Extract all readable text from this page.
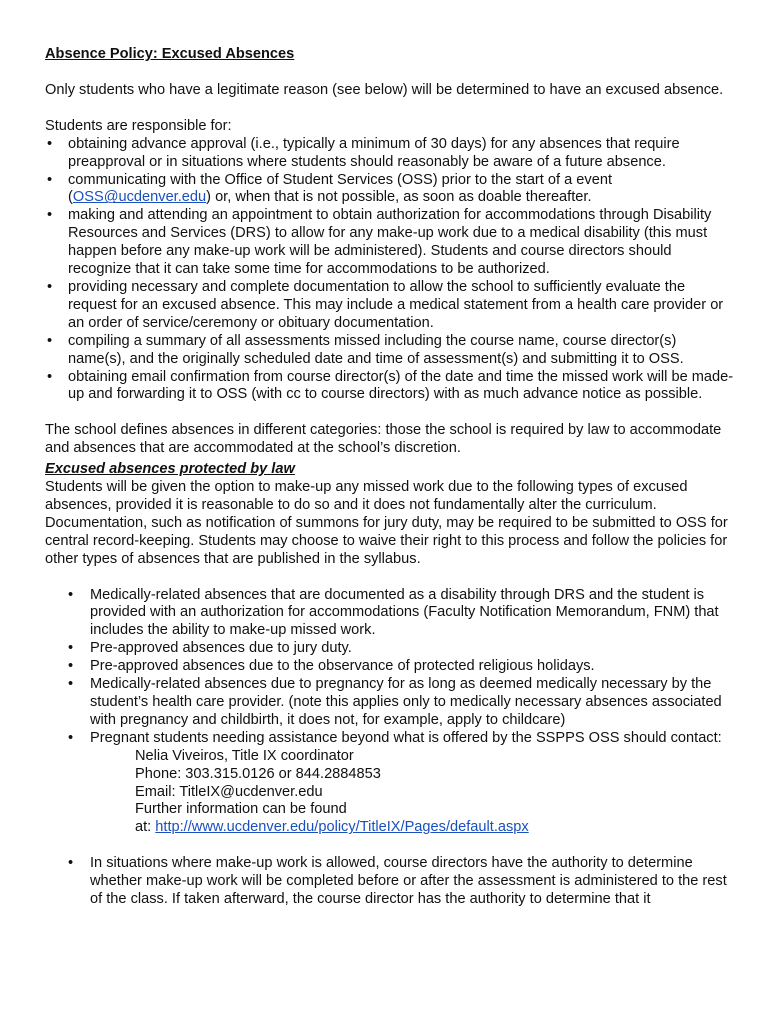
Absence Policy: Excused Absences

Only students who have a legitimate reason (see below) will be determined to have an excused absence.

Students are responsible for:

• obtaining advance approval (i.e., typically a minimum of 30 days) for any absences that require preapproval or in situations where students should reasonably be aware of a future absence.
• communicating with the Office of Student Services (OSS) prior to the start of a event (OSS@ucdenver.edu) or, when that is not possible, as soon as doable thereafter.
• making and attending an appointment to obtain authorization for accommodations through Disability Resources and Services (DRS) to allow for any make-up work due to a medical disability (this must happen before any make-up work will be administered). Students and course directors should recognize that it can take some time for accommodations to be authorized.
• providing necessary and complete documentation to allow the school to sufficiently evaluate the request for an excused absence. This may include a medical statement from a health care provider or an order of service/ceremony or obituary documentation.
• compiling a summary of all assessments missed including the course name, course director(s) name(s), and the originally scheduled date and time of assessment(s) and submitting it to OSS.
• obtaining email confirmation from course director(s) of the date and time the missed work will be made-up and forwarding it to OSS (with cc to course directors) with as much advance notice as possible.

The school defines absences in different categories: those the school is required by law to accommodate and absences that are accommodated at the school’s discretion.

Excused absences protected by law

Students will be given the option to make-up any missed work due to the following types of excused absences, provided it is reasonable to do so and it does not fundamentally alter the curriculum. Documentation, such as notification of summons for jury duty, may be required to be submitted to OSS for central record-keeping. Students may choose to waive their right to this process and follow the policies for other types of absences that are published in the syllabus.

• Medically-related absences that are documented as a disability through DRS and the student is provided with an authorization for accommodations (Faculty Notification Memorandum, FNM) that includes the ability to make-up missed work.
• Pre-approved absences due to jury duty.
• Pre-approved absences due to the observance of protected religious holidays.
• Medically-related absences due to pregnancy for as long as deemed medically necessary by the student’s health care provider. (note this applies only to medically necessary absences associated with pregnancy and childbirth, it does not, for example, apply to childcare)
• Pregnant students needing assistance beyond what is offered by the SSPPS OSS should contact:
Nelia Viveiros, Title IX coordinator
Phone: 303.315.0126 or 844.2884853
Email: TitleIX@ucdenver.edu
Further information can be found
at: http://www.ucdenver.edu/policy/TitleIX/Pages/default.aspx
• In situations where make-up work is allowed, course directors have the authority to determine whether make-up work will be completed before or after the assessment is administered to the rest of the class. If taken afterward, the course director has the authority to determine that it
